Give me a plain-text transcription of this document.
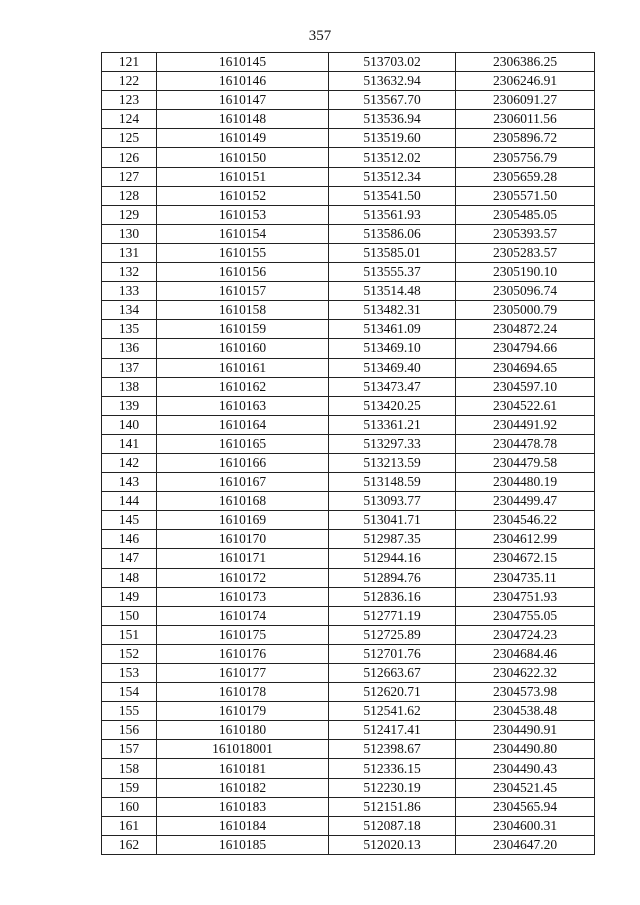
357
121	1610145	513703.02	2306386.25
122	1610146	513632.94	2306246.91
123	1610147	513567.70	2306091.27
124	1610148	513536.94	2306011.56
125	1610149	513519.60	2305896.72
126	1610150	513512.02	2305756.79
127	1610151	513512.34	2305659.28
128	1610152	513541.50	2305571.50
129	1610153	513561.93	2305485.05
130	1610154	513586.06	2305393.57
131	1610155	513585.01	2305283.57
132	1610156	513555.37	2305190.10
133	1610157	513514.48	2305096.74
134	1610158	513482.31	2305000.79
135	1610159	513461.09	2304872.24
136	1610160	513469.10	2304794.66
137	1610161	513469.40	2304694.65
138	1610162	513473.47	2304597.10
139	1610163	513420.25	2304522.61
140	1610164	513361.21	2304491.92
141	1610165	513297.33	2304478.78
142	1610166	513213.59	2304479.58
143	1610167	513148.59	2304480.19
144	1610168	513093.77	2304499.47
145	1610169	513041.71	2304546.22
146	1610170	512987.35	2304612.99
147	1610171	512944.16	2304672.15
148	1610172	512894.76	2304735.11
149	1610173	512836.16	2304751.93
150	1610174	512771.19	2304755.05
151	1610175	512725.89	2304724.23
152	1610176	512701.76	2304684.46
153	1610177	512663.67	2304622.32
154	1610178	512620.71	2304573.98
155	1610179	512541.62	2304538.48
156	1610180	512417.41	2304490.91
157	161018001	512398.67	2304490.80
158	1610181	512336.15	2304490.43
159	1610182	512230.19	2304521.45
160	1610183	512151.86	2304565.94
161	1610184	512087.18	2304600.31
162	1610185	512020.13	2304647.20
